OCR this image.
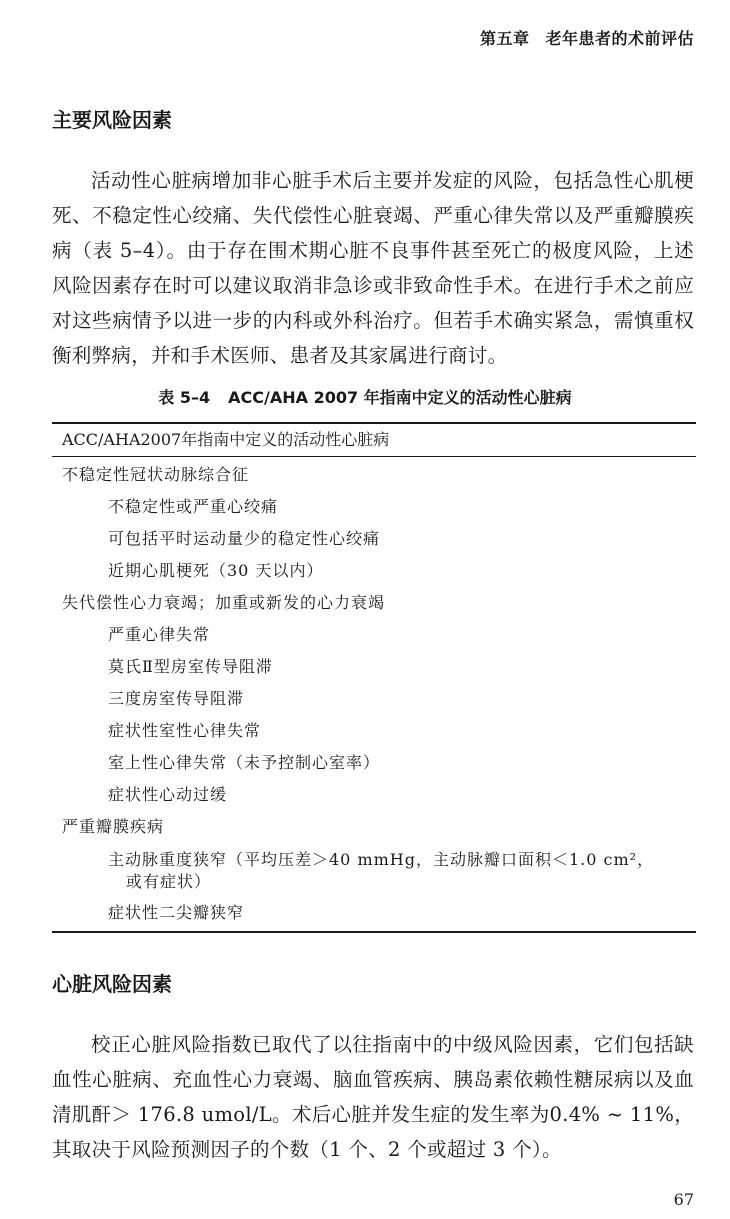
第五章 老年患者的术前评估
主要风险因素

活动性心脏病增加非心脏手术后主要并发症的风险，包括急性心肌梗死、不稳定性心绞痛、失代偿性心脏衰竭、严重心律失常以及严重瓣膜疾病（表 5–4）。由于存在围术期心脏不良事件甚至死亡的极度风险，上述风险因素存在时可以建议取消非急诊或非致命性手术。在进行手术之前应对这些病情予以进一步的内科或外科治疗。但若手术确实紧急，需慎重权衡利弊病，并和手术医师、患者及其家属进行商讨。

表 5–4 ACC/AHA 2007 年指南中定义的活动性心脏病
ACC/AHA2007年指南中定义的活动性心脏病
不稳定性冠状动脉综合征
不稳定性或严重心绞痛
可包括平时运动量少的稳定性心绞痛
近期心肌梗死（30 天以内）
失代偿性心力衰竭；加重或新发的心力衰竭
严重心律失常
莫氏Ⅱ型房室传导阻滞
三度房室传导阻滞
症状性室性心律失常
室上性心律失常（未予控制心室率）
症状性心动过缓
严重瓣膜疾病
主动脉重度狭窄（平均压差＞40 mmHg，主动脉瓣口面积＜1.0 cm²，
或有症状）
症状性二尖瓣狭窄
心脏风险因素

校正心脏风险指数已取代了以往指南中的中级风险因素，它们包括缺血性心脏病、充血性心力衰竭、脑血管疾病、胰岛素依赖性糖尿病以及血清肌酐＞ 176.8 umol/L。术后心脏并发生症的发生率为0.4% ~ 11%，其取决于风险预测因子的个数（1 个、2 个或超过 3 个）。

67
